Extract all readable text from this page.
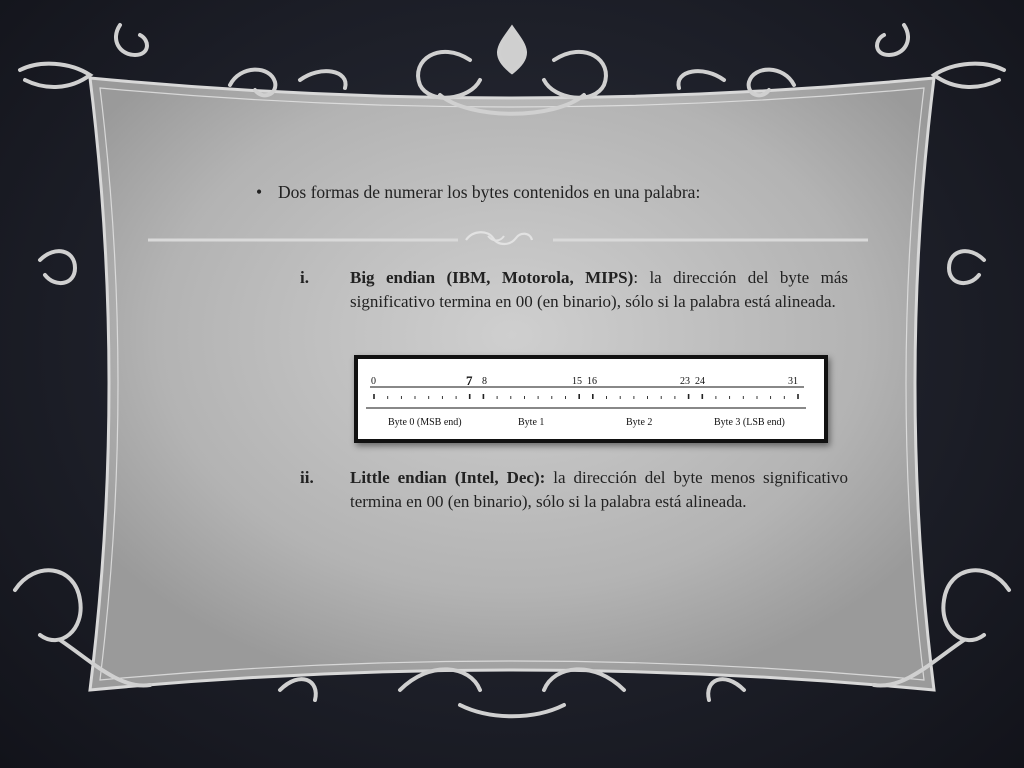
• Dos formas de numerar los bytes contenidos en una palabra:
i. Big endian (IBM, Motorola, MIPS): la dirección del byte más significativo termina en 00 (en binario), sólo si la palabra está alineada.
0	7 8	15 16	23 24	31
Byte 0 (MSB end)	Byte 1	Byte 2	Byte 3 (LSB end)
ii. Little endian (Intel, Dec): la dirección del byte menos significativo termina en 00 (en binario), sólo si la palabra está alineada.
